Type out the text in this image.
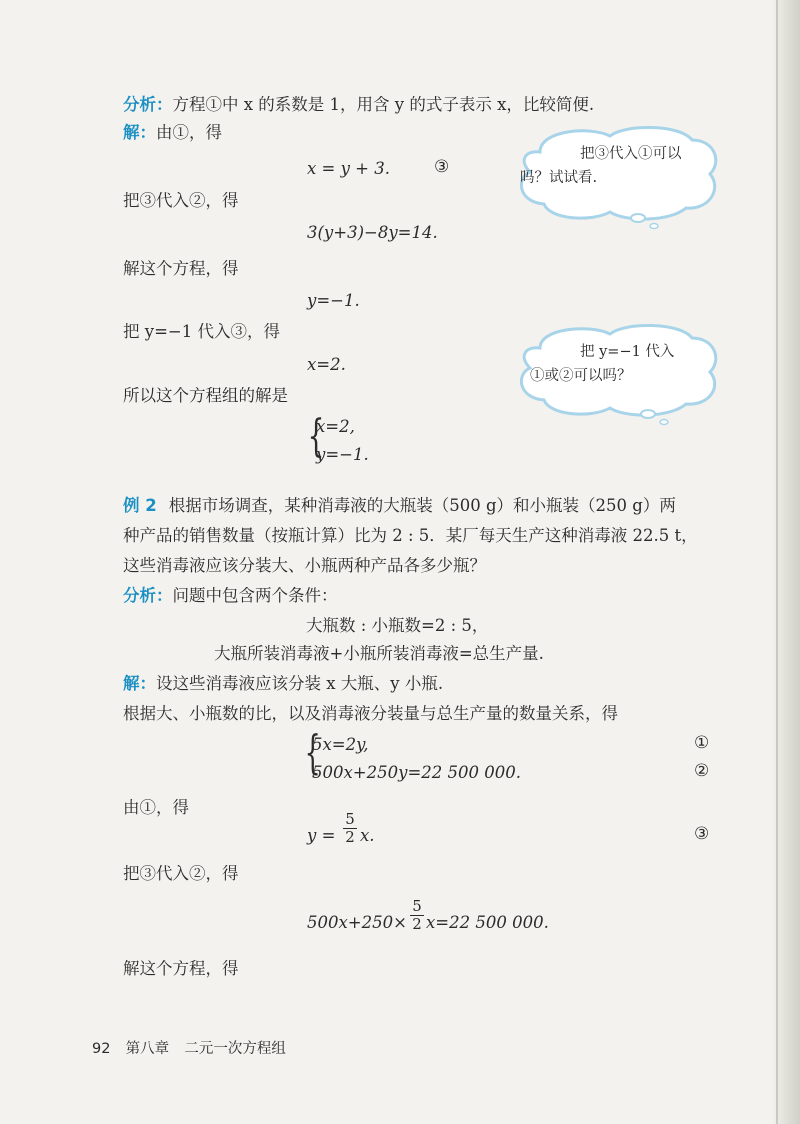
分析：方程①中 x 的系数是 1，用含 y 的式子表示 x，比较简便.
解：由①，得
x = y + 3.	③
把③代入②，得
3(y+3)−8y=14.
解这个方程，得
y=−1.
把 y=−1 代入③，得
x=2.
所以这个方程组的解是
{
x=2,
y=−1.
把③代入①可以
吗？试试看.
把 y=−1 代入
①或②可以吗？
例 2 根据市场调查，某种消毒液的大瓶装（500 g）和小瓶装（250 g）两
种产品的销售数量（按瓶计算）比为 2 : 5．某厂每天生产这种消毒液 22.5 t，
这些消毒液应该分装大、小瓶两种产品各多少瓶？
分析：问题中包含两个条件：
大瓶数 : 小瓶数=2 : 5，
大瓶所装消毒液+小瓶所装消毒液=总生产量.
解：设这些消毒液应该分装 x 大瓶、y 小瓶.
根据大、小瓶数的比，以及消毒液分装量与总生产量的数量关系，得
{
5x=2y,	①
500x+250y=22 500 000.	②
由①，得
y =
5
2 x.	③
把③代入②，得
500x+250×
5
2 x=22 500 000.
解这个方程，得
92 第八章 二元一次方程组
